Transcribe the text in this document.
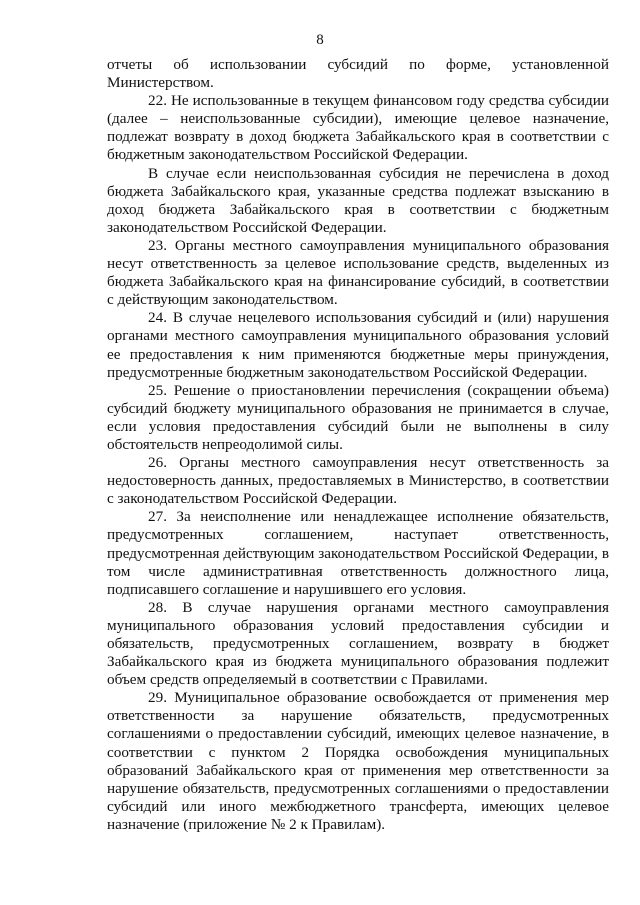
8

отчеты об использовании субсидий по форме, установленной Министерством.

22. Не использованные в текущем финансовом году средства субсидии (далее – неиспользованные субсидии), имеющие целевое назначение, подлежат возврату в доход бюджета Забайкальского края в соответствии с бюджетным законодательством Российской Федерации.

В случае если неиспользованная субсидия не перечислена в доход бюджета Забайкальского края, указанные средства подлежат взысканию в доход бюджета Забайкальского края в соответствии с бюджетным законодательством Российской Федерации.

23. Органы местного самоуправления муниципального образования несут ответственность за целевое использование средств, выделенных из бюджета Забайкальского края на финансирование субсидий, в соответствии с действующим законодательством.

24. В случае нецелевого использования субсидий и (или) нарушения органами местного самоуправления муниципального образования условий ее предоставления к ним применяются бюджетные меры принуждения, предусмотренные бюджетным законодательством Российской Федерации.

25. Решение о приостановлении перечисления (сокращении объема) субсидий бюджету муниципального образования не принимается в случае, если условия предоставления субсидий были не выполнены в силу обстоятельств непреодолимой силы.

26. Органы местного самоуправления несут ответственность за недостоверность данных, предоставляемых в Министерство, в соответствии с законодательством Российской Федерации.

27. За неисполнение или ненадлежащее исполнение обязательств, предусмотренных соглашением, наступает ответственность, предусмотренная действующим законодательством Российской Федерации, в том числе административная ответственность должностного лица, подписавшего соглашение и нарушившего его условия.

28. В случае нарушения органами местного самоуправления муниципального образования условий предоставления субсидии и обязательств, предусмотренных соглашением, возврату в бюджет Забайкальского края из бюджета муниципального образования подлежит объем средств определяемый в соответствии с Правилами.

29. Муниципальное образование освобождается от применения мер ответственности за нарушение обязательств, предусмотренных соглашениями о предоставлении субсидий, имеющих целевое назначение, в соответствии с пунктом 2 Порядка освобождения муниципальных образований Забайкальского края от применения мер ответственности за нарушение обязательств, предусмотренных соглашениями о предоставлении субсидий или иного межбюджетного трансферта, имеющих целевое назначение (приложение № 2 к Правилам).
